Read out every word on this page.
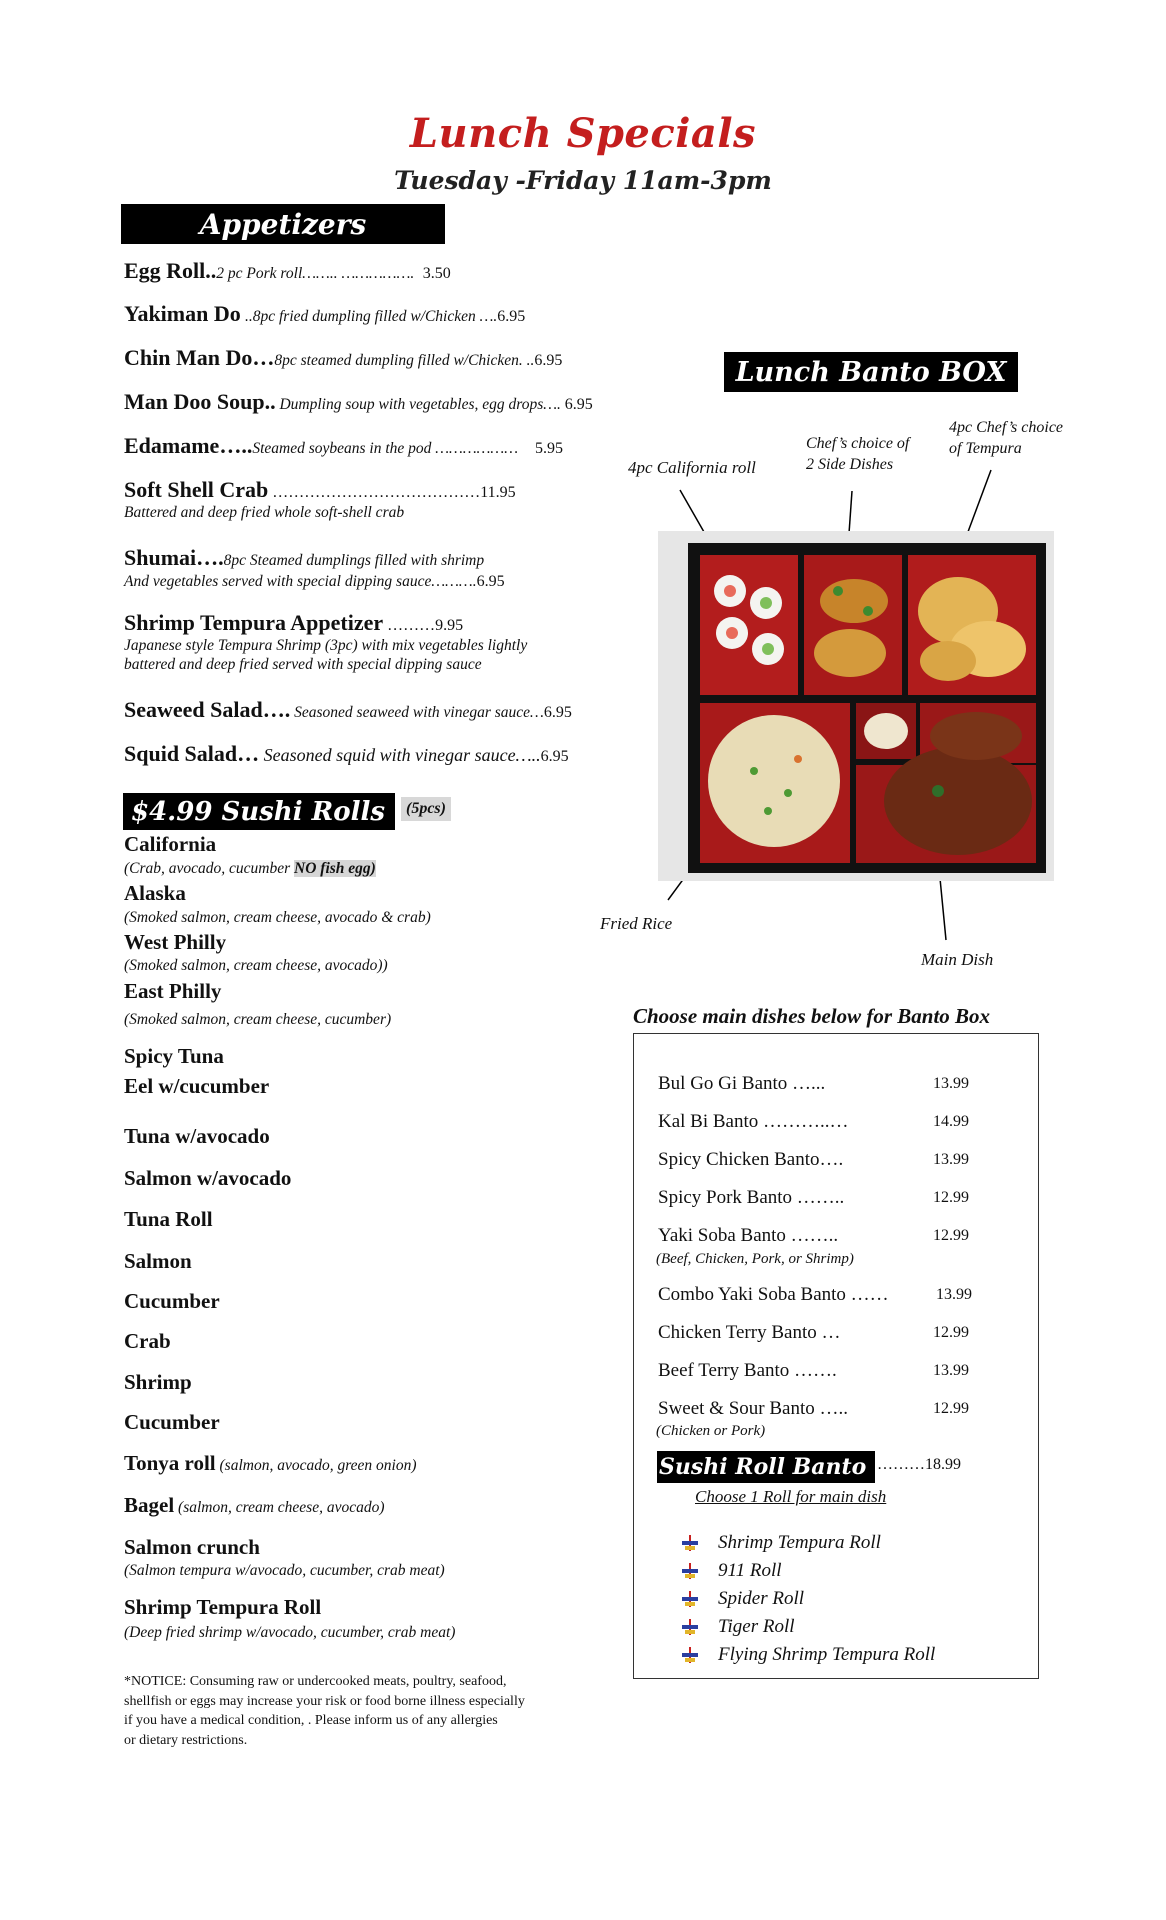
Lunch Specials
Tuesday -Friday 11am-3pm
Appetizers
Egg Roll..2 pc Pork roll…….. ……………. 3.50
Yakiman Do ..8pc fried dumpling filled w/Chicken ….6.95
Chin Man Do…8pc steamed dumpling filled w/Chicken. ..6.95
Man Doo Soup.. Dumpling soup with vegetables, egg drops…. 6.95
Edamame…..Steamed soybeans in the pod ……………… 5.95
Soft Shell Crab …………………………………11.95
Battered and deep fried whole soft-shell crab
Shumai….8pc Steamed dumplings filled with shrimp
And vegetables served with special dipping sauce……….6.95
Shrimp Tempura Appetizer ………9.95
Japanese style Tempura Shrimp (3pc) with mix vegetables lightly
battered and deep fried served with special dipping sauce
Seaweed Salad…. Seasoned seaweed with vinegar sauce…6.95
Squid Salad… Seasoned squid with vinegar sauce…..6.95
$4.99 Sushi Rolls	(5pcs)
California
(Crab, avocado, cucumber NO fish egg)
Alaska
(Smoked salmon, cream cheese, avocado & crab)
West Philly
(Smoked salmon, cream cheese, avocado))
East Philly
(Smoked salmon, cream cheese, cucumber)
Spicy Tuna
Eel w/cucumber
Tuna w/avocado
Salmon w/avocado
Tuna Roll
Salmon
Cucumber
Crab
Shrimp
Cucumber
Tonya roll (salmon, avocado, green onion)
Bagel (salmon, cream cheese, avocado)
Salmon crunch
(Salmon tempura w/avocado, cucumber, crab meat)
Shrimp Tempura Roll
(Deep fried shrimp w/avocado, cucumber, crab meat)
*NOTICE: Consuming raw or undercooked meats, poultry, seafood,
shellfish or eggs may increase your risk or food borne illness especially
if you have a medical condition, . Please inform us of any allergies
or dietary restrictions.
Lunch Banto BOX
4pc California roll
Chef’s choice of
2 Side Dishes
4pc Chef’s choice
of Tempura
Fried Rice
Main Dish
Choose main dishes below for Banto Box
Bul Go Gi Banto …...	13.99
Kal Bi Banto ………..…	14.99
Spicy Chicken Banto….	13.99
Spicy Pork Banto ……..	12.99
Yaki Soba Banto ……..	12.99
(Beef, Chicken, Pork, or Shrimp)
Combo Yaki Soba Banto ……	13.99
Chicken Terry Banto …	12.99
Beef Terry Banto …….	13.99
Sweet & Sour Banto …..	12.99
(Chicken or Pork)
Sushi Roll Banto ………18.99
Choose 1 Roll for main dish
Shrimp Tempura Roll
911 Roll
Spider Roll
Tiger Roll
Flying Shrimp Tempura Roll
